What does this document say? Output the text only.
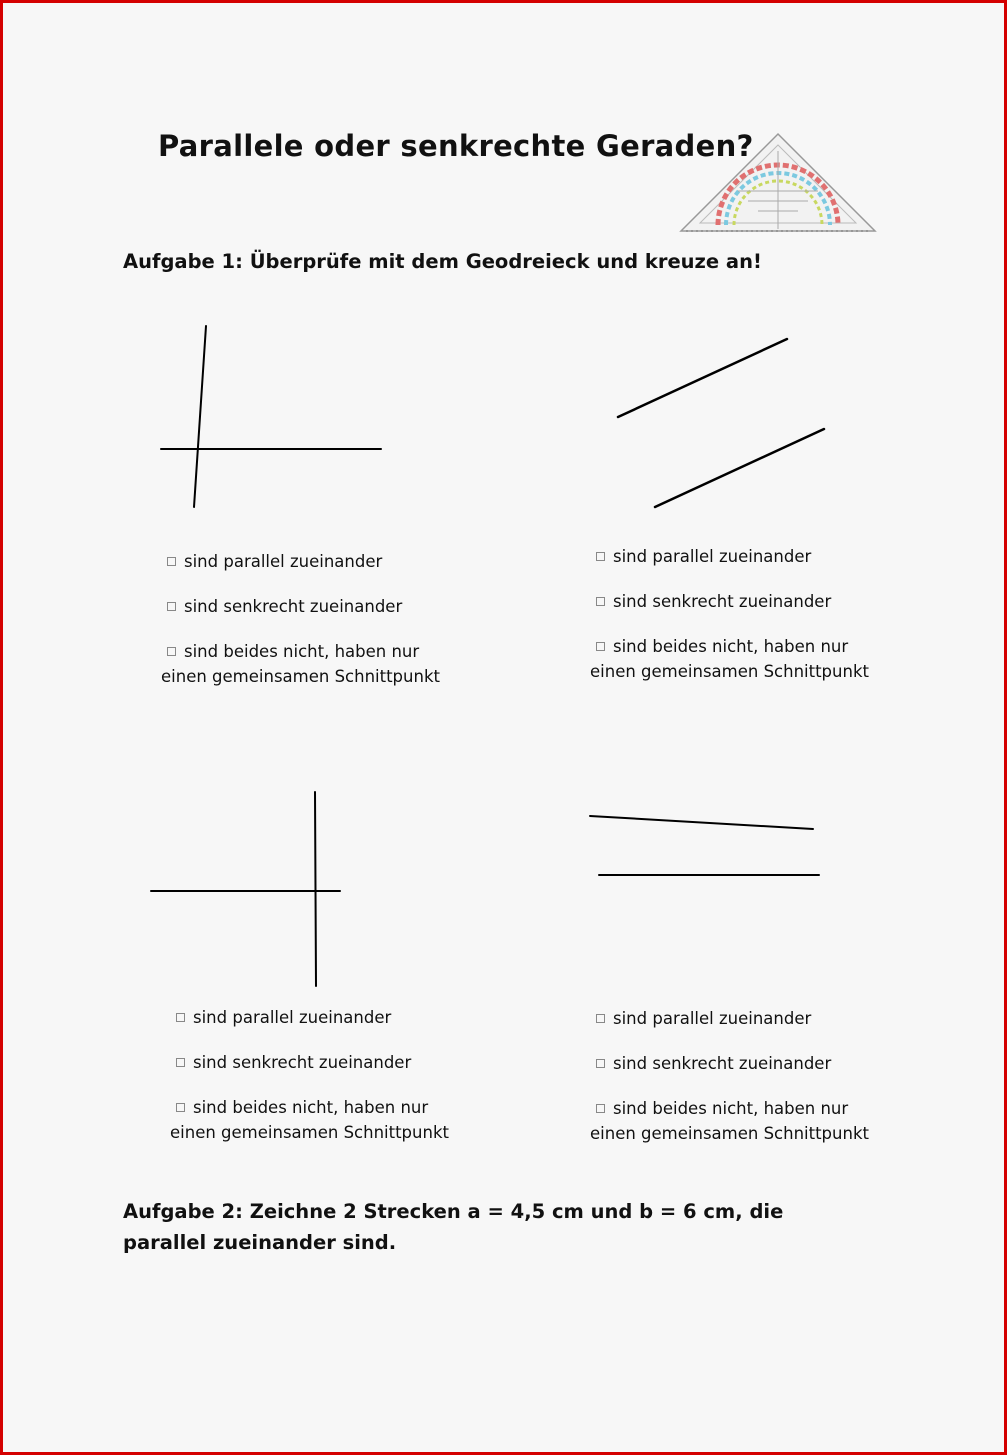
Parallele oder senkrechte Geraden?
Aufgabe 1: Überprüfe mit dem Geodreieck und kreuze an!
sind parallel zueinander
sind senkrecht zueinander
sind beides nicht, haben nur
einen gemeinsamen Schnittpunkt
sind parallel zueinander
sind senkrecht zueinander
sind beides nicht, haben nur
einen gemeinsamen Schnittpunkt
sind parallel zueinander
sind senkrecht zueinander
sind beides nicht, haben nur
einen gemeinsamen Schnittpunkt
sind parallel zueinander
sind senkrecht zueinander
sind beides nicht, haben nur
einen gemeinsamen Schnittpunkt
Aufgabe 2: Zeichne 2 Strecken a = 4,5 cm und b = 6 cm, die parallel zueinander sind.
